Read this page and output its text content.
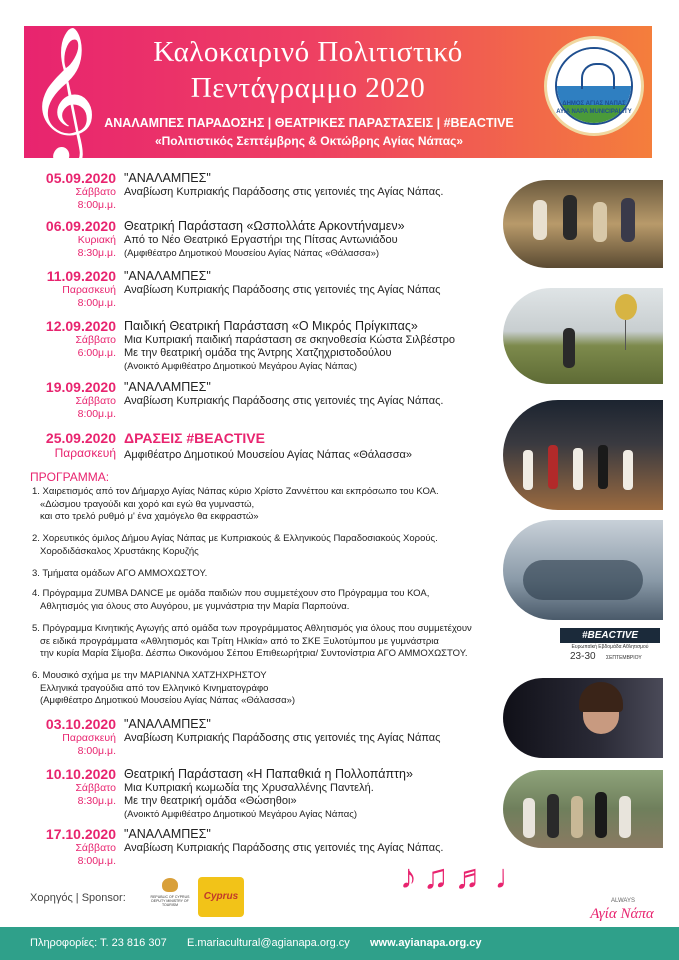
𝄞	Καλοκαιρινό Πολιτιστικό
Πεντάγραμμο 2020
ΑΝΑΛΑΜΠΕΣ ΠΑΡΑΔΟΣΗΣ | ΘΕΑΤΡΙΚΕΣ ΠΑΡΑΣΤΑΣΕΙΣ | #BEACTIVE
«Πολιτιστικός Σεπτέμβρης & Οκτώβρης Αγίας Νάπας»
ΔΗΜΟΣ ΑΓΙΑΣ ΝΑΠΑΣ
AYIA NAPA MUNICIPALITY
05.09.2020
Σάββατο
8:00μ.μ.
"ΑΝΑΛΑΜΠΕΣ"
Αναβίωση Κυπριακής Παράδοσης στις γειτονιές της Αγίας Νάπας.
06.09.2020
Κυριακή
8:30μ.μ.
Θεατρική Παράσταση «Ωσπολλάτε Αρκοντήναμεν»
Από το Νέο Θεατρικό Εργαστήρι της Πίτσας Αντωνιάδου
(Αμφιθέατρο Δημοτικού Μουσείου Αγίας Νάπας «Θάλασσα»)
11.09.2020
Παρασκευή
8:00μ.μ.
"ΑΝΑΛΑΜΠΕΣ"
Αναβίωση Κυπριακής Παράδοσης στις γειτονιές της Αγίας Νάπας
12.09.2020
Σάββατο
6:00μ.μ.
Παιδική Θεατρική Παράσταση «Ο Μικρός Πρίγκιπας»
Μια Κυπριακή παιδική παράσταση σε σκηνοθεσία Κώστα Σιλβέστρο
Με την θεατρική ομάδα της Άντρης Χατζηχριστοδούλου
(Ανοικτό Αμφιθέατρο Δημοτικού Μεγάρου Αγίας Νάπας)
19.09.2020
Σάββατο
8:00μ.μ.
"ΑΝΑΛΑΜΠΕΣ"
Αναβίωση Κυπριακής Παράδοσης στις γειτονιές της Αγίας Νάπας.
25.09.2020
Παρασκευή
ΔΡΑΣΕΙΣ #BEACTIVE
Αμφιθέατρο Δημοτικού Μουσείου Αγίας Νάπας «Θάλασσα»
ΠΡΟΓΡΑΜΜΑ:
1. Χαιρετισμός από τον Δήμαρχο Αγίας Νάπας κύριο Χρίστο Ζαννέττου και εκπρόσωπο του ΚΟΑ.
«Δώσμου τραγούδι και χορό και εγώ θα γυμναστώ,
και στο τρελό ρυθμό μ' ένα χαμόγελο θα εκφραστώ»
2. Χορευτικός όμιλος Δήμου Αγίας Νάπας με Κυπριακούς & Ελληνικούς Παραδοσιακούς Χορούς.
Χοροδιδάσκαλος Χρυστάκης Κορυζής
3. Τμήματα ομάδων ΑΓΟ ΑΜΜΟΧΩΣΤΟΥ.
4. Πρόγραμμα ZUMBA DANCE με ομάδα παιδιών που συμμετέχουν στο Πρόγραμμα του ΚΟΑ,
Αθλητισμός για όλους στο Αυγόρου, με γυμνάστρια την Μαρία Παρπούνα.
5. Πρόγραμμα Κινητικής Αγωγής από ομάδα των προγράμματος Αθλητισμός για όλους που συμμετέχουν
σε ειδικά προγράμματα «Αθλητισμός και Τρίτη Ηλικία» από το ΣΚΕ Ξυλοτύμπου με γυμνάστρια
την κυρία Μαρία Σίμοβα. Δέσπω Οικονόμου Σέπου Επιθεωρήτρια/ Συντονίστρια ΑΓΟ ΑΜΜΟΧΩΣΤΟΥ.
6. Μουσικό σχήμα με την ΜΑΡΙΑΝΝΑ ΧΑΤΖΗΧΡΗΣΤΟΥ
Ελληνικά τραγούδια από τον Ελληνικό Κινηματογράφο
(Αμφιθέατρο Δημοτικού Μουσείου Αγίας Νάπας «Θάλασσα»)
03.10.2020
Παρασκευή
8:00μ.μ.
"ΑΝΑΛΑΜΠΕΣ"
Αναβίωση Κυπριακής Παράδοσης στις γειτονιές της Αγίας Νάπας
10.10.2020
Σάββατο
8:30μ.μ.
Θεατρική Παράσταση «Η Παπαθκιά η Πολλοπάπτη»
Μια Κυπριακή κωμωδία της Χρυσαλλένης Παντελή.
Με την θεατρική ομάδα «Θώσηθοι»
(Ανοικτό Αμφιθέατρο Δημοτικού Μεγάρου Αγίας Νάπας)
17.10.2020
Σάββατο
8:00μ.μ.
"ΑΝΑΛΑΜΠΕΣ"
Αναβίωση Κυπριακής Παράδοσης στις γειτονιές της Αγίας Νάπας.
#BEACTIVE
Ευρωπαϊκή Εβδομάδα Αθλητισμού
23-30 ΣΕΠΤΕΜΒΡΙΟΥ
Χορηγός | Sponsor:	REPUBLIC OF CYPRUS DEPUTY MINISTRY OF TOURISM
Cyprus
♪♫♬♩
ALWAYS
Αγία Νάπα
Πληροφορίες: Τ. 23 816 307 E.mariacultural@agianapa.org.cy www.ayianapa.org.cy
